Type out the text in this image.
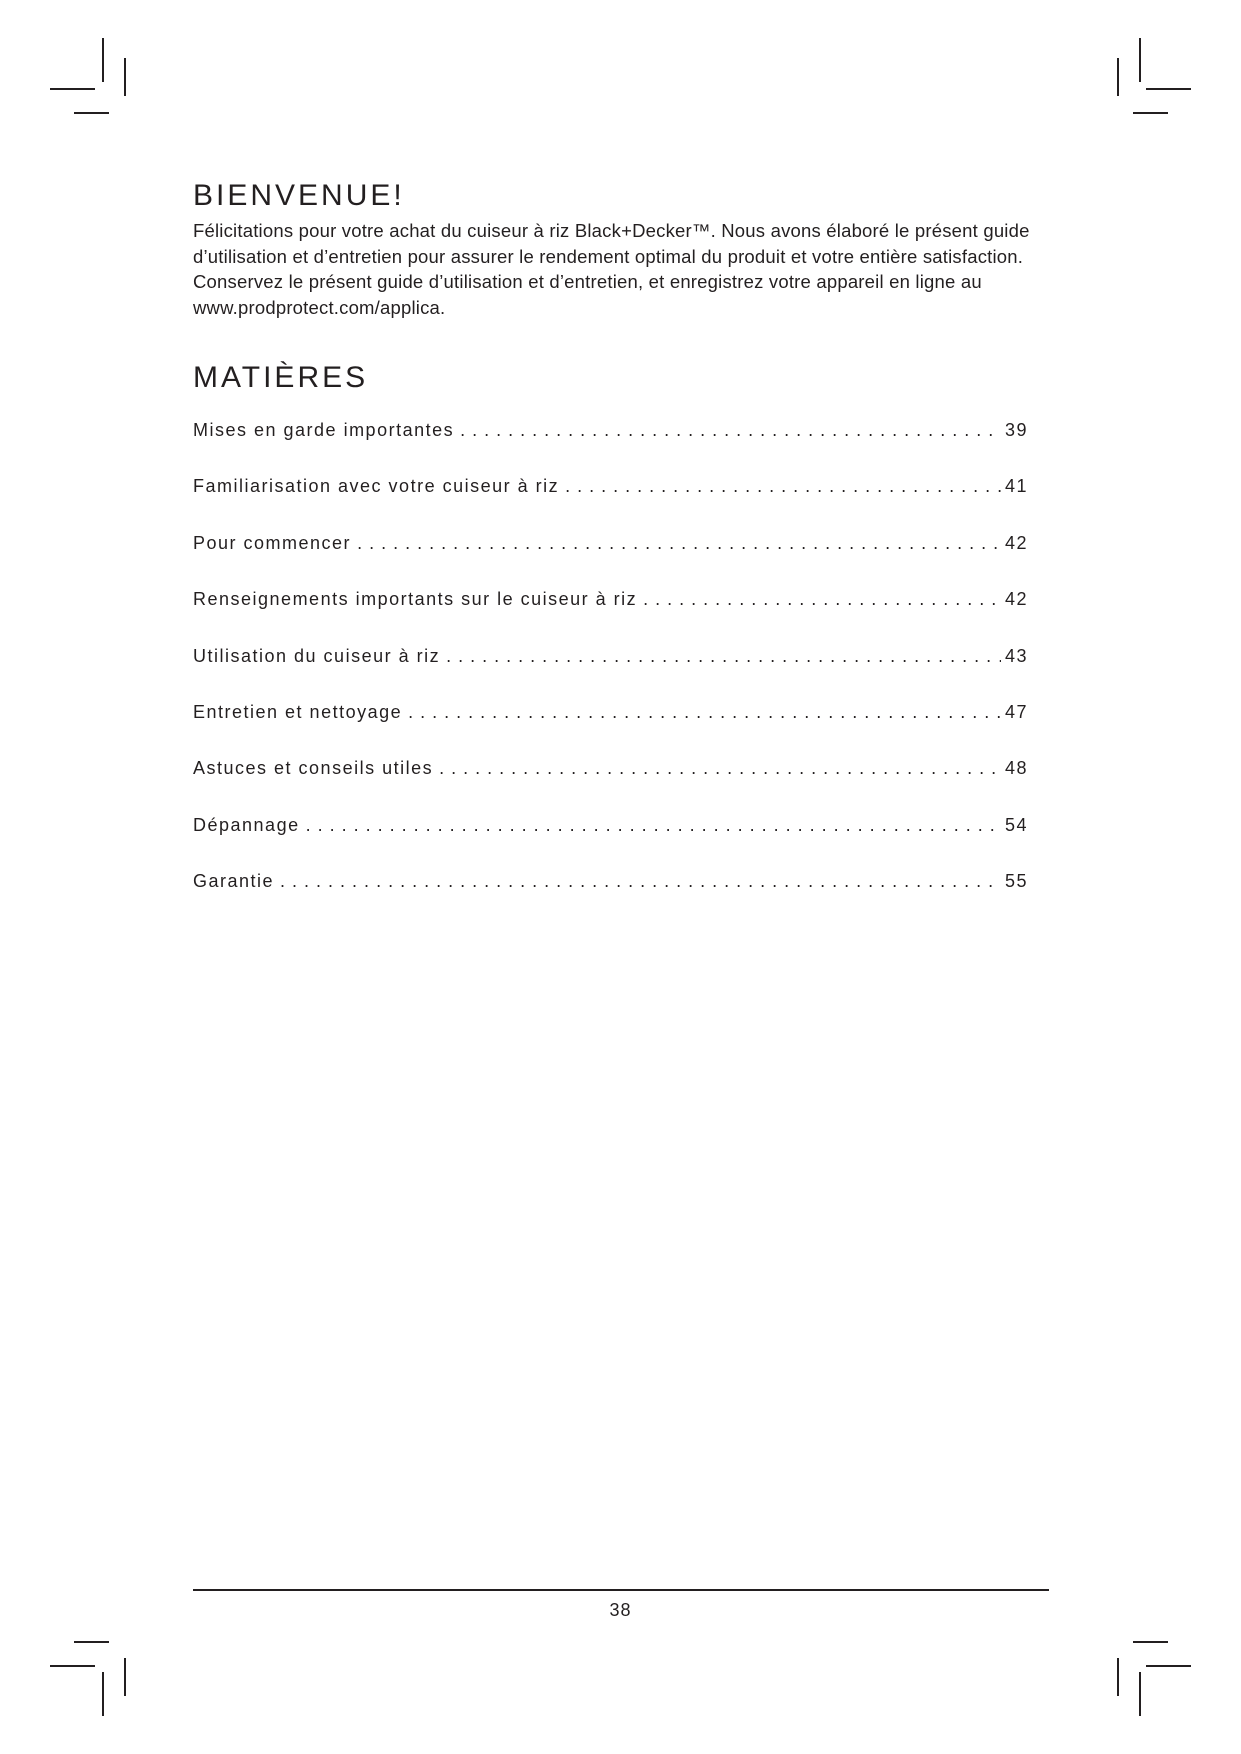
BIENVENUE!

Félicitations pour votre achat du cuiseur à riz Black+Decker™. Nous avons élaboré le présent guide d’utilisation et d’entretien pour assurer le rendement optimal du produit et votre entière satisfaction. Conservez le présent guide d’utilisation et d’entretien, et enregistrez votre appareil en ligne au www.prodprotect.com/applica.

MATIÈRES
Mises en garde importantes . . .	39
Familiarisation avec votre cuiseur à riz . . .	41
Pour commencer . . .	42
Renseignements importants sur le cuiseur à riz . . .	42
Utilisation du cuiseur à riz . . .	43
Entretien et nettoyage . . .	47
Astuces et conseils utiles . . .	48
Dépannage . . .	54
Garantie . . .	55
38
